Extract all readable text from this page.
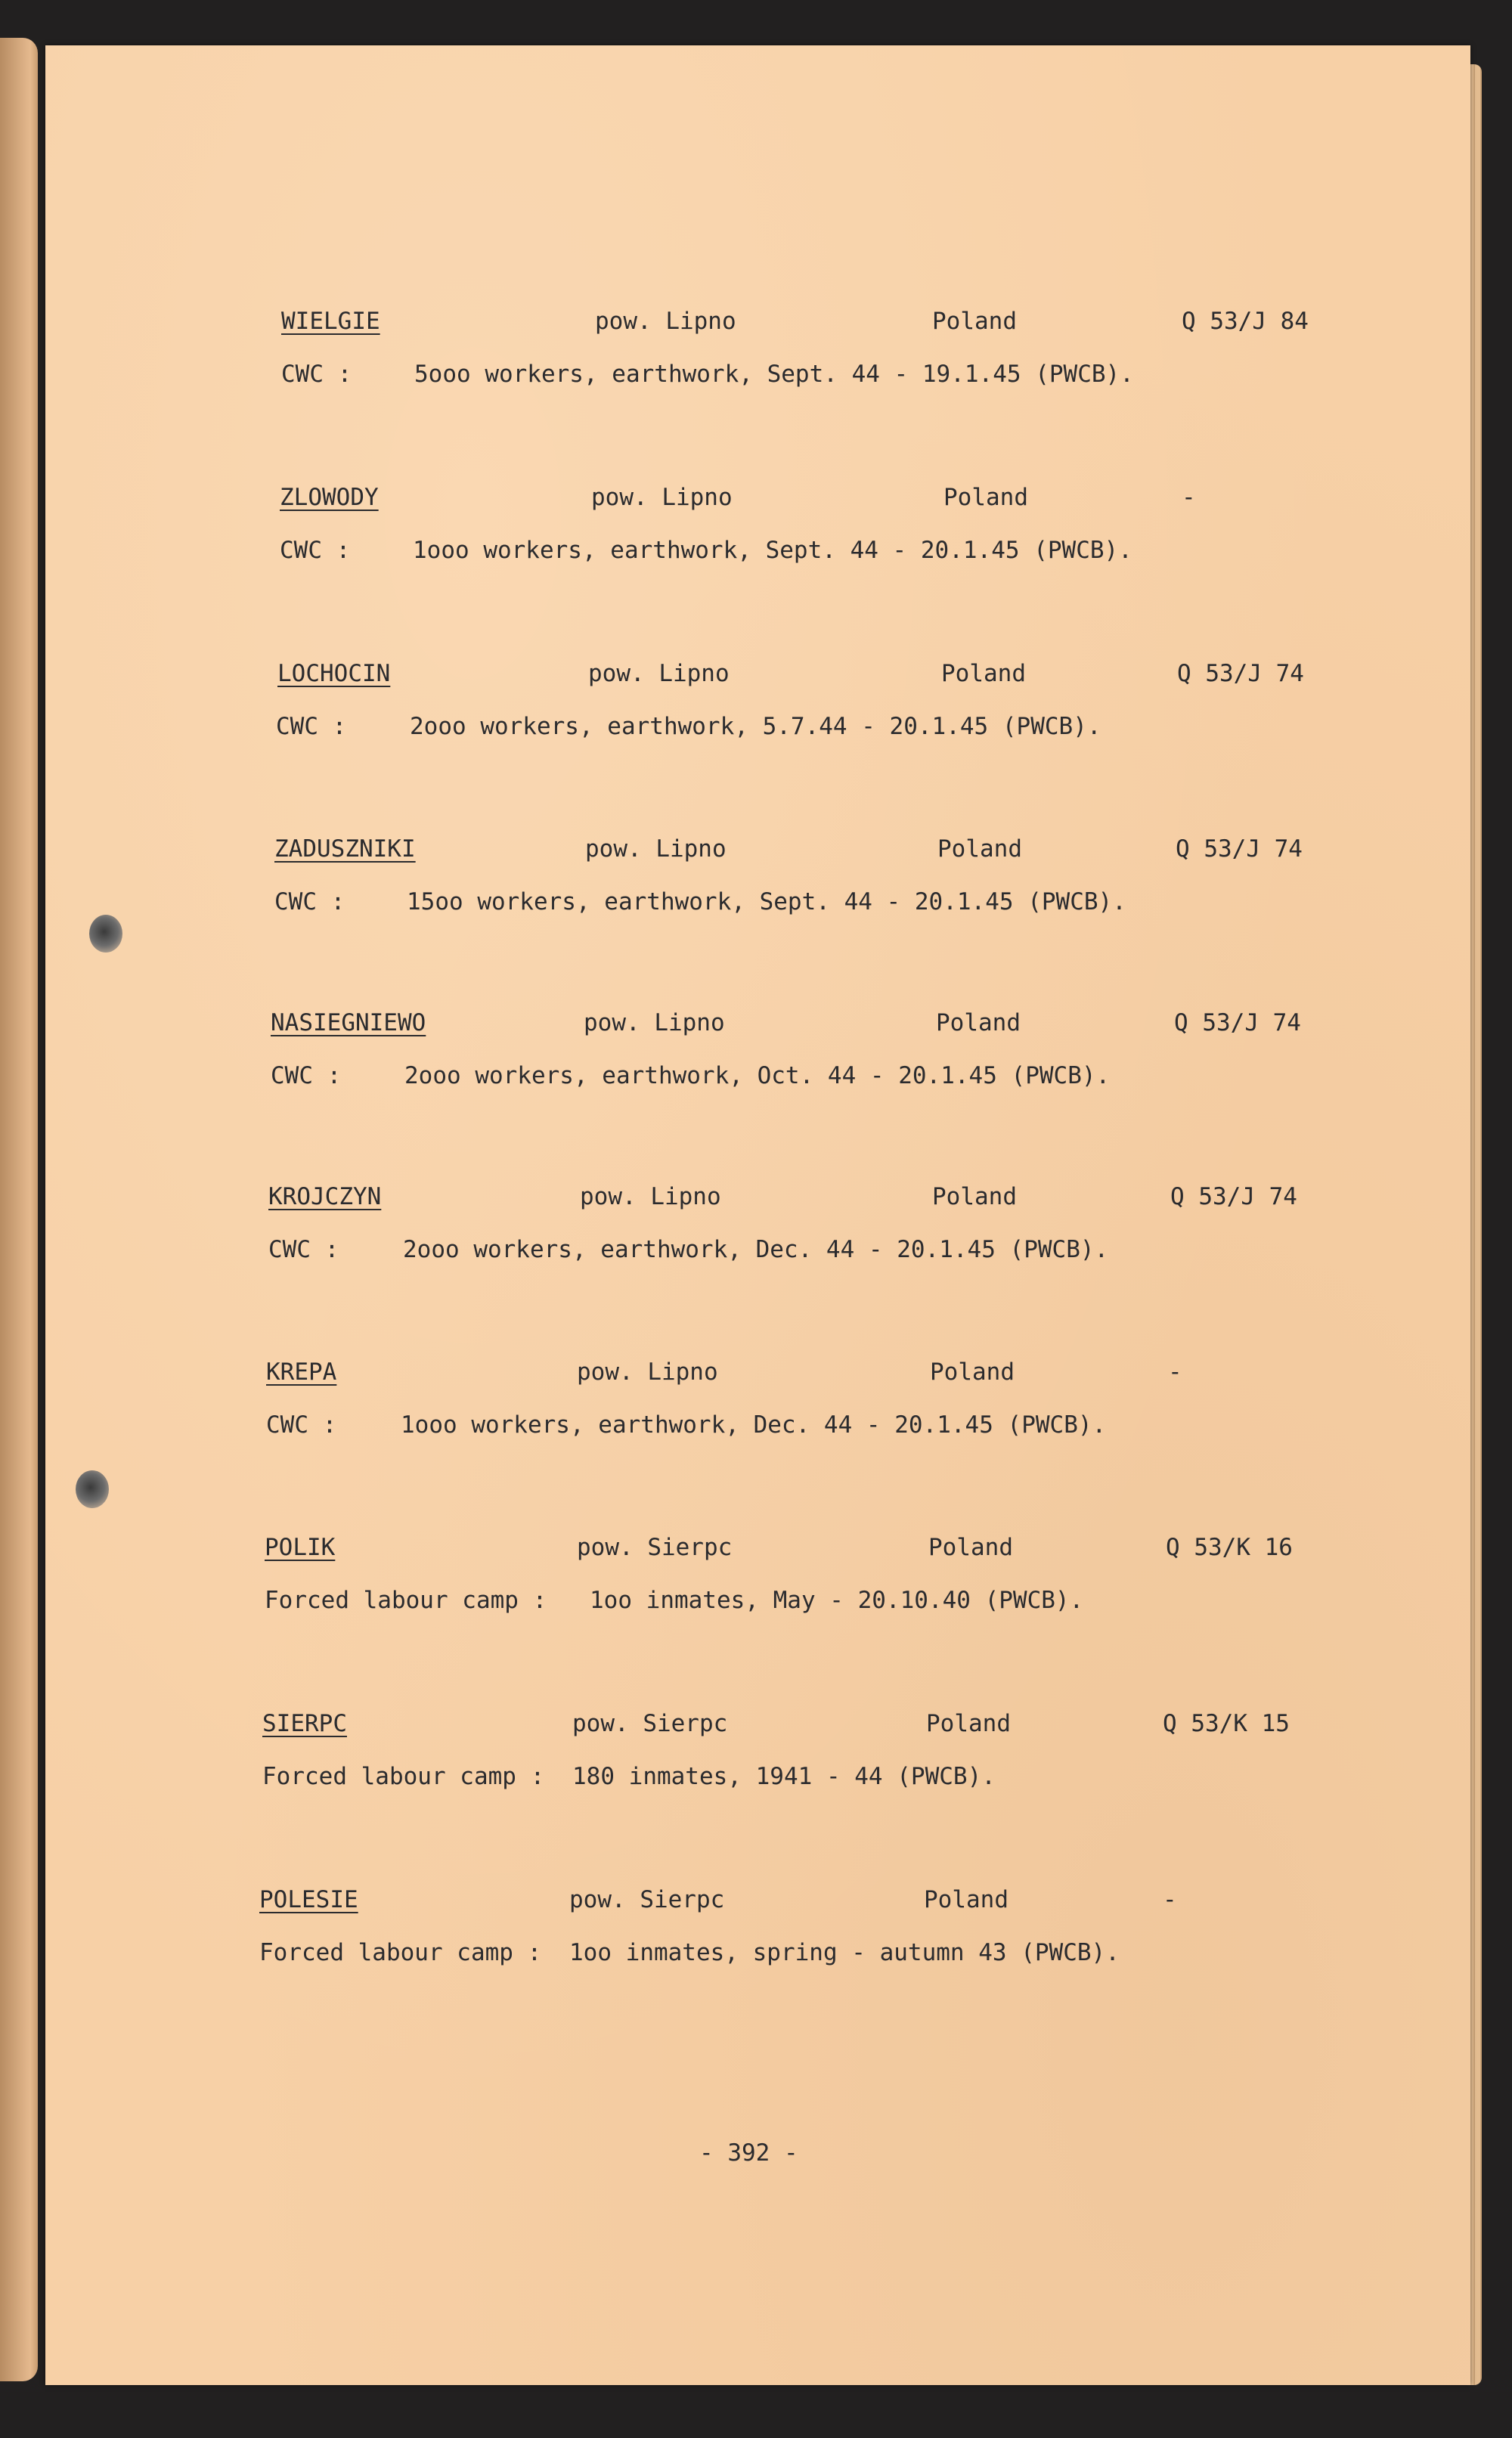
WIELGIE	pow. Lipno	Poland	Q 53/J 84
CWC :	5ooo workers, earthwork, Sept. 44 - 19.1.45 (PWCB).
ZLOWODY	pow. Lipno	Poland	-
CWC :	1ooo workers, earthwork, Sept. 44 - 20.1.45 (PWCB).
LOCHOCIN	pow. Lipno	Poland	Q 53/J 74
CWC :	2ooo workers, earthwork, 5.7.44 - 20.1.45 (PWCB).
ZADUSZNIKI	pow. Lipno	Poland	Q 53/J 74
CWC :	15oo workers, earthwork, Sept. 44 - 20.1.45 (PWCB).
NASIEGNIEWO	pow. Lipno	Poland	Q 53/J 74
CWC :	2ooo workers, earthwork, Oct. 44 - 20.1.45 (PWCB).
KROJCZYN	pow. Lipno	Poland	Q 53/J 74
CWC :	2ooo workers, earthwork, Dec. 44 - 20.1.45 (PWCB).
KREPA	pow. Lipno	Poland	-
CWC :	1ooo workers, earthwork, Dec. 44 - 20.1.45 (PWCB).
POLIK	pow. Sierpc	Poland	Q 53/K 16
Forced labour camp : 1oo inmates, May - 20.10.40 (PWCB).
SIERPC	pow. Sierpc	Poland	Q 53/K 15
Forced labour camp : 180 inmates, 1941 - 44 (PWCB).
POLESIE	pow. Sierpc	Poland	-
Forced labour camp : 1oo inmates, spring - autumn 43 (PWCB).
- 392 -
